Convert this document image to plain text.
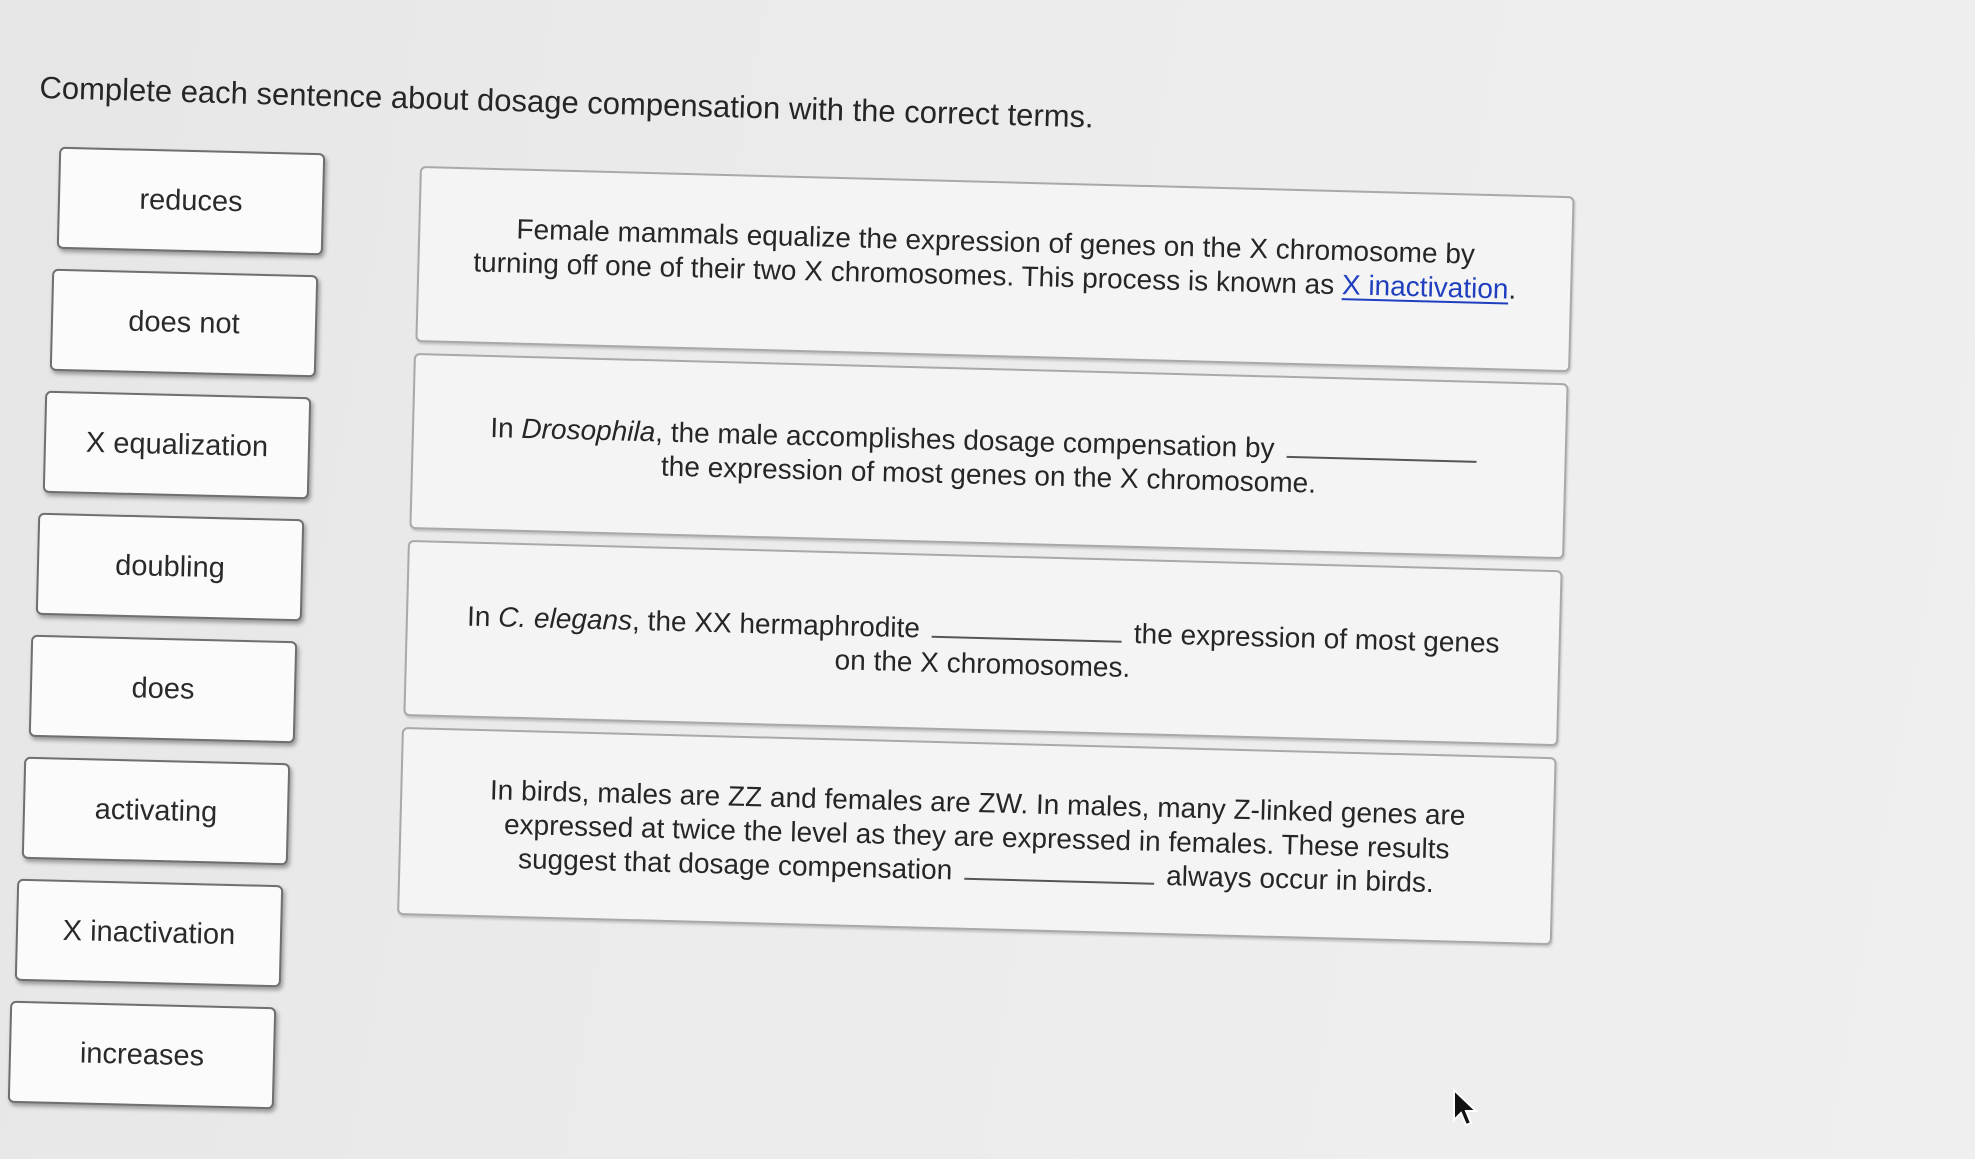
Complete each sentence about dosage compensation with the correct terms.
reduces
does not
X equalization
doubling
does
activating
X inactivation
increases
Female mammals equalize the expression of genes on the X chromosome by turning off one of their two X chromosomes. This process is known as X inactivation.
In Drosophila, the male accomplishes dosage compensation by
the expression of most genes on the X chromosome.
In C. elegans, the XX hermaphrodite	the expression of most genes on the X chromosomes.
In birds, males are ZZ and females are ZW. In males, many Z-linked genes are expressed at twice the level as they are expressed in females. These results suggest that dosage compensation	always occur in birds.
